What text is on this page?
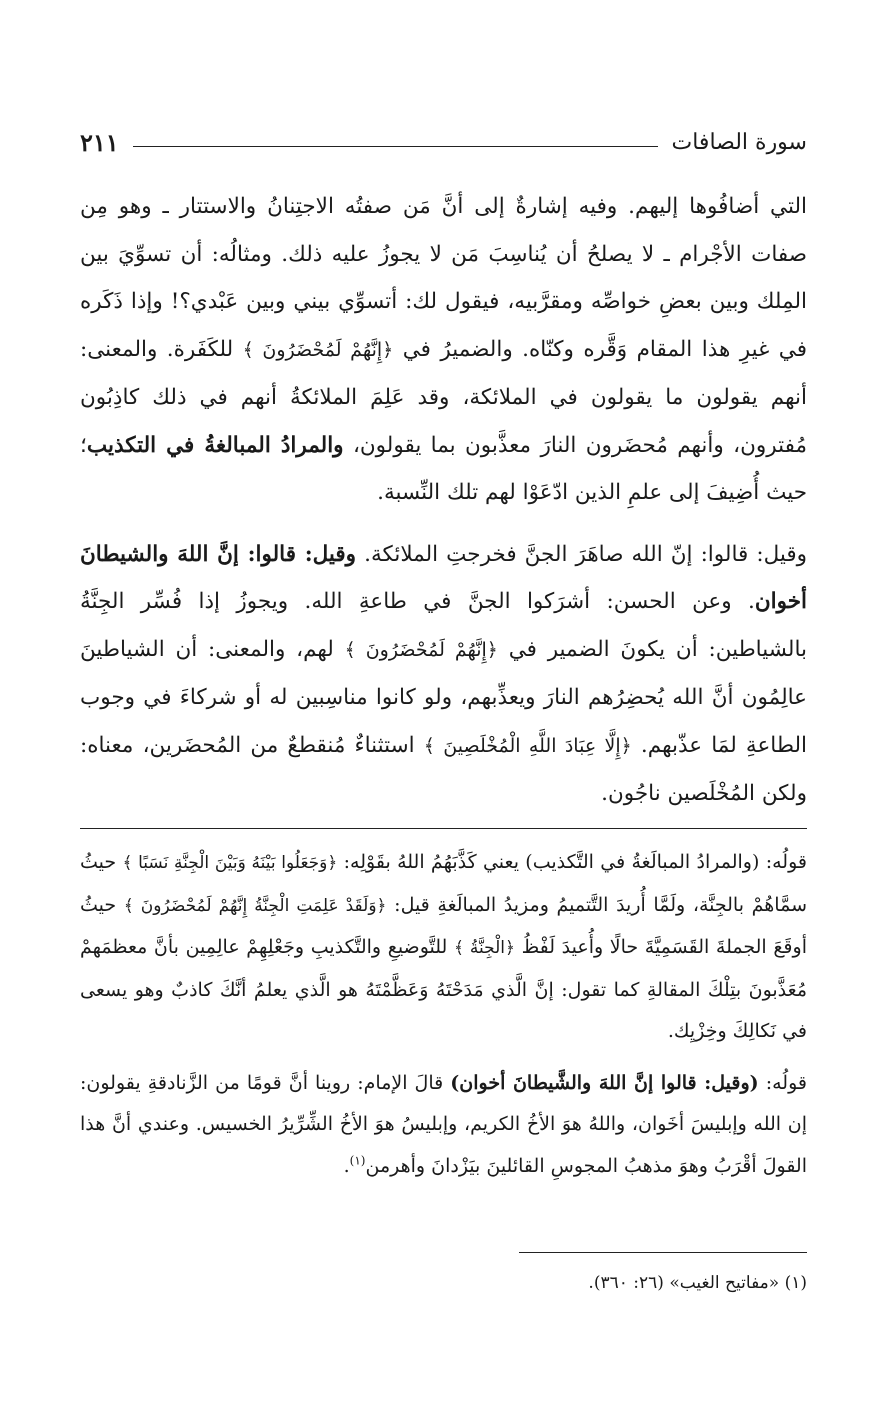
سورة الصافات
٢١١

التي أضافُوها إليهم. وفيه إشارةٌ إلى أنَّ مَن صفتُه الاجتِنانُ والاستتار ـ وهو مِن صفات الأجْرام ـ لا يصلحُ أن يُناسِبَ مَن لا يجوزُ عليه ذلك. ومثالُه: أن تسوِّيَ بين المِلك وبين بعضِ خواصِّه ومقرَّبيه، فيقول لك: أتسوِّي بيني وبين عَبْدي؟! وإذا ذَكَره في غيرِ هذا المقام وَقَّره وكنّاه. والضميرُ في ﴿إِنَّهُمْ لَمُحْضَرُونَ ﴾ للكَفَرة. والمعنى: أنهم يقولون ما يقولون في الملائكة، وقد عَلِمَ الملائكةُ أنهم في ذلك كاذِبُون مُفترون، وأنهم مُحضَرون النارَ معذَّبون بما يقولون، والمرادُ المبالغةُ في التكذيب؛ حيث أُضِيفَ إلى علمِ الذين ادّعَوْا لهم تلك النِّسبة.

وقيل: قالوا: إنّ الله صاهَرَ الجنَّ فخرجتِ الملائكة. وقيل: قالوا: إنَّ اللهَ والشيطانَ أخوان. وعن الحسن: أشرَكوا الجنَّ في طاعةِ الله. ويجوزُ إذا فُسِّر الجِنَّةُ بالشياطين: أن يكونَ الضمير في ﴿إِنَّهُمْ لَمُحْضَرُونَ ﴾ لهم، والمعنى: أن الشياطينَ عالِمُون أنَّ الله يُحضِرُهم النارَ ويعذِّبهم، ولو كانوا مناسِبين له أو شركاءَ في وجوب الطاعةِ لمَا عذّبهم. ﴿إِلَّا عِبَادَ اللَّهِ الْمُخْلَصِينَ ﴾ استثناءٌ مُنقطعٌ من المُحضَرين، معناه: ولكن المُخْلَصين ناجُون.

قولُه: (والمرادُ المبالَغةُ في التَّكذيب) يعني كَذَّبَهُمُ اللهُ بقَوْلِه: ﴿وَجَعَلُوا بَيْنَهُ وَبَيْنَ الْجِنَّةِ نَسَبًا ﴾ حيثُ سمَّاهُمْ بالجِنَّة، ولَمَّا أُريدَ التَّتميمُ ومزيدُ المبالَغةِ قيل: ﴿وَلَقَدْ عَلِمَتِ الْجِنَّةُ إِنَّهُمْ لَمُحْضَرُونَ ﴾ حيثُ أوقَعَ الجملةَ القَسَمِيَّةَ حالًا وأُعيدَ لَفْظُ ﴿الْجِنَّةُ ﴾ للتَّوضيعِ والتَّكذيبِ وجَعْلِهِمْ عالِمِين بأنَّ معظمَهمْ مُعَذَّبونَ بتِلْكَ المقالةِ كما تقول: إنَّ الَّذي مَدَحْتَهُ وَعَظَّمْتَهُ هو الَّذي يعلمُ أنَّكَ كاذبٌ وهو يسعى في نَكالِكَ وخِزْيِك.

قولُه: (وقيل: قالوا إنَّ اللهَ والشَّيطانَ أخوان) قالَ الإمام: روينا أنَّ قومًا من الزَّنادقةِ يقولون: إن الله وإبليسَ أخَوان، واللهُ هوَ الأخُ الكريم، وإبليسُ هوَ الأخُ الشِّرِّيرُ الخسيس. وعندي أنَّ هذا القولَ أقْرَبُ وهوَ مذهبُ المجوسِ القائلينَ بيَزْدانَ وأهرمن$^{(١)}$.

(١) «مفاتيح الغيب» (٢٦: ٣٦٠).
